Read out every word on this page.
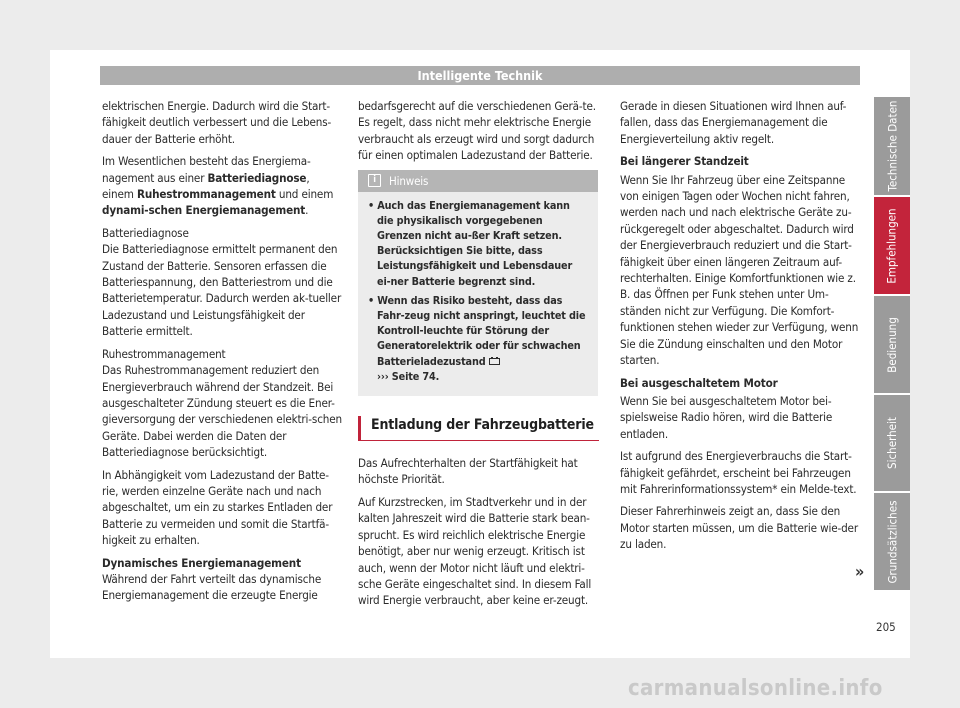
Intelligente Technik

elektrischen Energie. Dadurch wird die Start-fähigkeit deutlich verbessert und die Lebens-dauer der Batterie erhöht.

Im Wesentlichen besteht das Energiema-nagement aus einer Batteriediagnose, einem Ruhestrommanagement und einem dynami-schen Energiemanagement.

Batteriediagnose

Die Batteriediagnose ermittelt permanent den Zustand der Batterie. Sensoren erfassen die Batteriespannung, den Batteriestrom und die Batterietemperatur. Dadurch werden ak-tueller Ladezustand und Leistungsfähigkeit der Batterie ermittelt.

Ruhestrommanagement

Das Ruhestrommanagement reduziert den Energieverbrauch während der Standzeit. Bei ausgeschalteter Zündung steuert es die Ener-gieversorgung der verschiedenen elektri-schen Geräte. Dabei werden die Daten der Batteriediagnose berücksichtigt.

In Abhängigkeit vom Ladezustand der Batte-rie, werden einzelne Geräte nach und nach abgeschaltet, um ein zu starkes Entladen der Batterie zu vermeiden und somit die Startfä-higkeit zu erhalten.

Dynamisches Energiemanagement

Während der Fahrt verteilt das dynamische Energiemanagement die erzeugte Energie

bedarfsgerecht auf die verschiedenen Gerä-te. Es regelt, dass nicht mehr elektrische Energie verbraucht als erzeugt wird und sorgt dadurch für einen optimalen Ladezustand der Batterie.

i	Hinweis
• Auch das Energiemanagement kann die physikalisch vorgegebenen Grenzen nicht au-ßer Kraft setzen. Berücksichtigen Sie bitte, dass Leistungsfähigkeit und Lebensdauer ei-ner Batterie begrenzt sind.
• Wenn das Risiko besteht, dass das Fahr-zeug nicht anspringt, leuchtet die Kontroll-leuchte für Störung der Generatorelektrik oder für schwachen Batterieladezustand
››› Seite 74.
Entladung der Fahrzeugbatterie

Das Aufrechterhalten der Startfähigkeit hat höchste Priorität.

Auf Kurzstrecken, im Stadtverkehr und in der kalten Jahreszeit wird die Batterie stark bean-sprucht. Es wird reichlich elektrische Energie benötigt, aber nur wenig erzeugt. Kritisch ist auch, wenn der Motor nicht läuft und elektri-sche Geräte eingeschaltet sind. In diesem Fall wird Energie verbraucht, aber keine er-zeugt.

Gerade in diesen Situationen wird Ihnen auf-fallen, dass das Energiemanagement die Energieverteilung aktiv regelt.

Bei längerer Standzeit

Wenn Sie Ihr Fahrzeug über eine Zeitspanne von einigen Tagen oder Wochen nicht fahren, werden nach und nach elektrische Geräte zu-rückgeregelt oder abgeschaltet. Dadurch wird der Energieverbrauch reduziert und die Start-fähigkeit über einen längeren Zeitraum auf-rechterhalten. Einige Komfortfunktionen wie z. B. das Öffnen per Funk stehen unter Um-ständen nicht zur Verfügung. Die Komfort-funktionen stehen wieder zur Verfügung, wenn Sie die Zündung einschalten und den Motor starten.

Bei ausgeschaltetem Motor

Wenn Sie bei ausgeschaltetem Motor bei-spielsweise Radio hören, wird die Batterie entladen.

Ist aufgrund des Energieverbrauchs die Start-fähigkeit gefährdet, erscheint bei Fahrzeugen mit Fahrerinformationssystem* ein Melde-text.

Dieser Fahrerhinweis zeigt an, dass Sie den Motor starten müssen, um die Batterie wie-der zu laden.

»
Technische Daten
Empfehlungen
Bedienung
Sicherheit
Grundsätzliches
205
carmanualsonline.info
